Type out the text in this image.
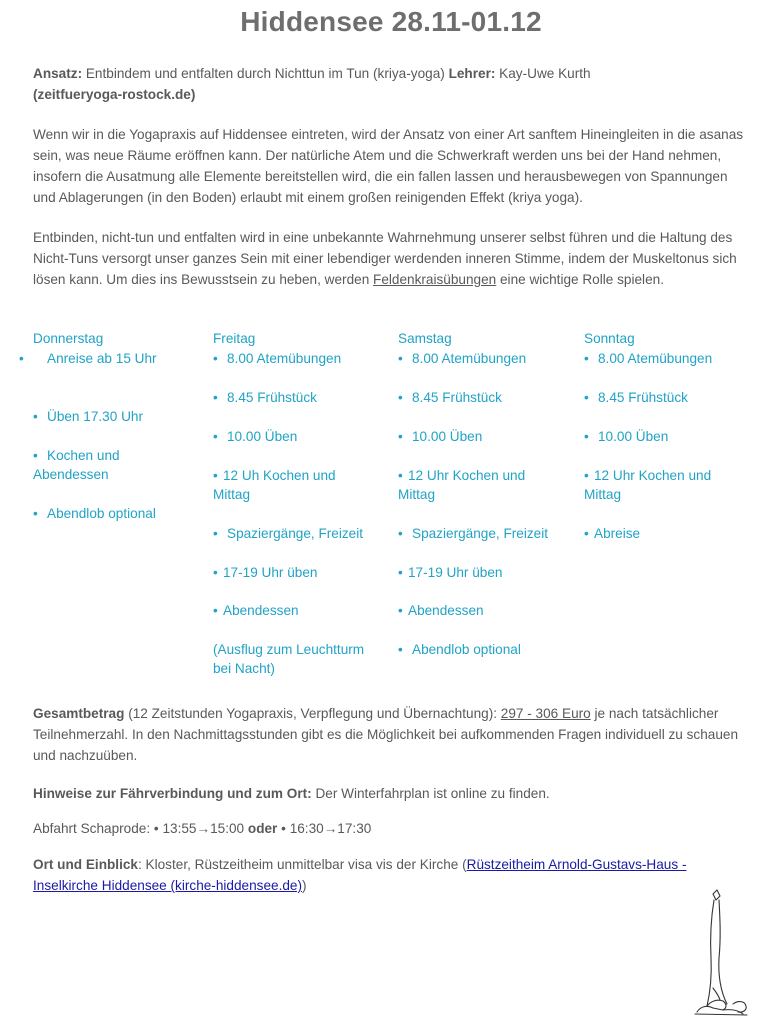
Hiddensee 28.11-01.12
Ansatz: Entbindem und entfalten durch Nichttun im Tun (kriya-yoga) Lehrer: Kay-Uwe Kurth
(zeitfueryoga-rostock.de)
Wenn wir in die Yogapraxis auf Hiddensee eintreten, wird der Ansatz von einer Art sanftem Hineingleiten in die asanas sein, was neue Räume eröffnen kann. Der natürliche Atem und die Schwerkraft werden uns bei der Hand nehmen, insofern die Ausatmung alle Elemente bereitstellen wird, die ein fallen lassen und herausbewegen von Spannungen und Ablagerungen (in den Boden) erlaubt mit einem großen reinigenden Effekt (kriya yoga).
Entbinden, nicht-tun und entfalten wird in eine unbekannte Wahrnehmung unserer selbst führen und die Haltung des Nicht-Tuns versorgt unser ganzes Sein mit einer lebendiger werdenden inneren Stimme, indem der Muskeltonus sich lösen kann. Um dies ins Bewusstsein zu heben, werden Feldenkraisübungen eine wichtige Rolle spielen.
Donnerstag
• Anreise ab 15 Uhr
• Üben 17.30 Uhr
• Kochen und Abendessen
• Abendlob optional
Freitag
• 8.00 Atemübungen
• 8.45 Frühstück
• 10.00 Üben
• 12 Uh Kochen und Mittag
• Spaziergänge, Freizeit
• 17-19 Uhr üben
• Abendessen
(Ausflug zum Leuchtturm bei Nacht)
Samstag
• 8.00 Atemübungen
• 8.45 Frühstück
• 10.00 Üben
• 12 Uhr Kochen und Mittag
• Spaziergänge, Freizeit
• 17-19 Uhr üben
• Abendessen
• Abendlob optional
Sonntag
• 8.00 Atemübungen
• 8.45 Frühstück
• 10.00 Üben
• 12 Uhr Kochen und Mittag
• Abreise
Gesamtbetrag (12 Zeitstunden Yogapraxis, Verpflegung und Übernachtung): 297 - 306 Euro je nach tatsächlicher Teilnehmerzahl. In den Nachmittagsstunden gibt es die Möglichkeit bei aufkommenden Fragen individuell zu schauen und nachzuüben.
Hinweise zur Fährverbindung und zum Ort: Der Winterfahrplan ist online zu finden.
Abfahrt Schaprode: • 13:55→15:00 oder • 16:30→17:30
Ort und Einblick: Kloster, Rüstzeitheim unmittelbar visa vis der Kirche (Rüstzeitheim Arnold-Gustavs-Haus - Inselkirche Hiddensee (kirche-hiddensee.de))
